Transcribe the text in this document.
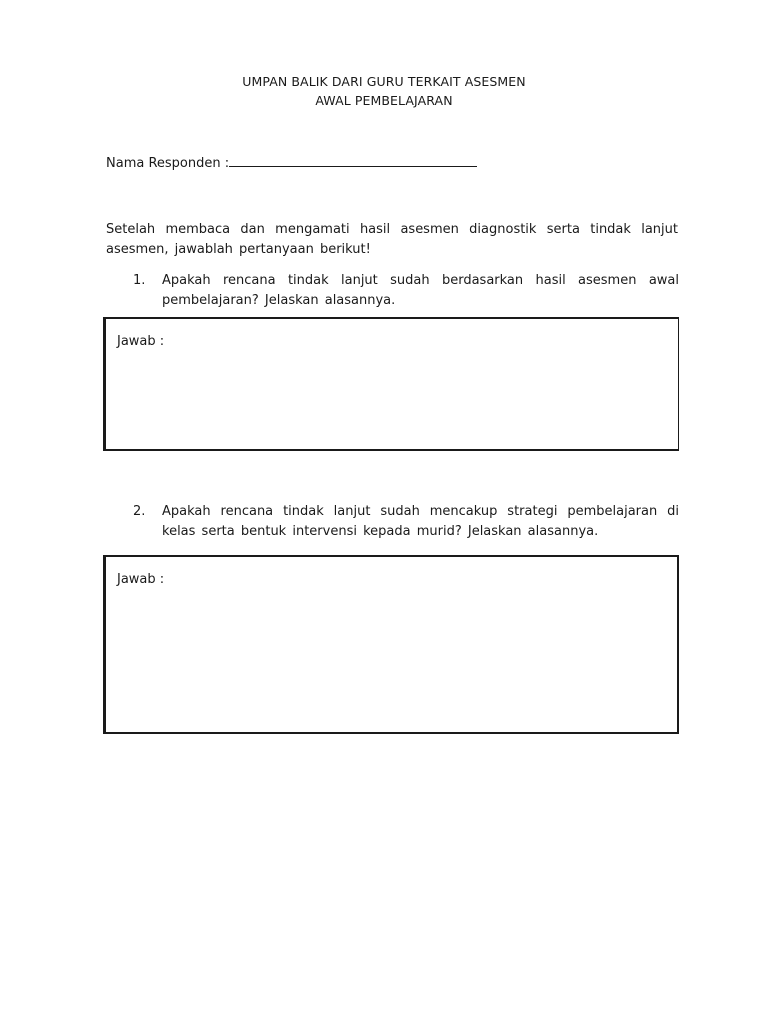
UMPAN BALIK DARI GURU TERKAIT ASESMEN
AWAL PEMBELAJARAN
Nama Responden :
Setelah membaca dan mengamati hasil asesmen diagnostik serta tindak lanjut asesmen, jawablah pertanyaan berikut!
1. Apakah rencana tindak lanjut sudah berdasarkan hasil asesmen awal pembelajaran? Jelaskan alasannya.
Jawab :
2. Apakah rencana tindak lanjut sudah mencakup strategi pembelajaran di kelas serta bentuk intervensi kepada murid? Jelaskan alasannya.
Jawab :
